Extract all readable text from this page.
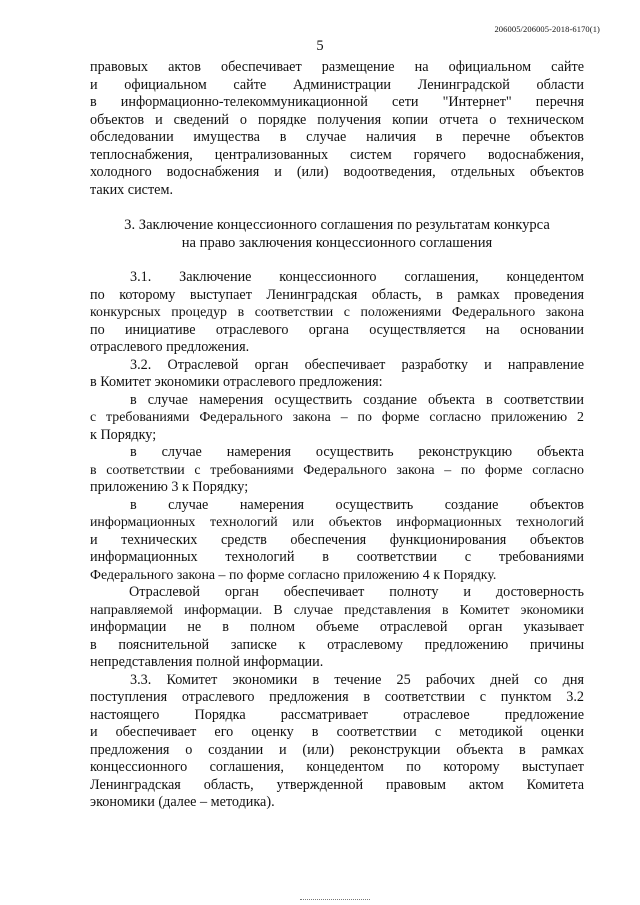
206005/206005-2018-6170(1)
5
правовых актов обеспечивает размещение на официальном сайте
и официальном сайте Администрации Ленинградской области
в информационно-телекоммуникационной сети "Интернет" перечня
объектов и сведений о порядке получения копии отчета о техническом
обследовании имущества в случае наличия в перечне объектов
теплоснабжения, централизованных систем горячего водоснабжения,
холодного водоснабжения и (или) водоотведения, отдельных объектов
таких систем.
3. Заключение концессионного соглашения по результатам конкурса
на право заключения концессионного соглашения
3.1. Заключение концессионного соглашения, концедентом
по которому выступает Ленинградская область, в рамках проведения
конкурсных процедур в соответствии с положениями Федерального закона
по инициативе отраслевого органа осуществляется на основании
отраслевого предложения.
3.2. Отраслевой орган обеспечивает разработку и направление
в Комитет экономики отраслевого предложения:
в случае намерения осуществить создание объекта в соответствии
с требованиями Федерального закона – по форме согласно приложению 2
к Порядку;
в случае намерения осуществить реконструкцию объекта
в соответствии с требованиями Федерального закона – по форме согласно
приложению 3 к Порядку;
в случае намерения осуществить создание объектов
информационных технологий или объектов информационных технологий
и технических средств обеспечения функционирования объектов
информационных технологий в соответствии с требованиями
Федерального закона – по форме согласно приложению 4 к Порядку.
Отраслевой орган обеспечивает полноту и достоверность
направляемой информации. В случае представления в Комитет экономики
информации не в полном объеме отраслевой орган указывает
в пояснительной записке к отраслевому предложению причины
непредставления полной информации.
3.3. Комитет экономики в течение 25 рабочих дней со дня
поступления отраслевого предложения в соответствии с пунктом 3.2
настоящего Порядка рассматривает отраслевое предложение
и обеспечивает его оценку в соответствии с методикой оценки
предложения о создании и (или) реконструкции объекта в рамках
концессионного соглашения, концедентом по которому выступает
Ленинградская область, утвержденной правовым актом Комитета
экономики (далее – методика).
